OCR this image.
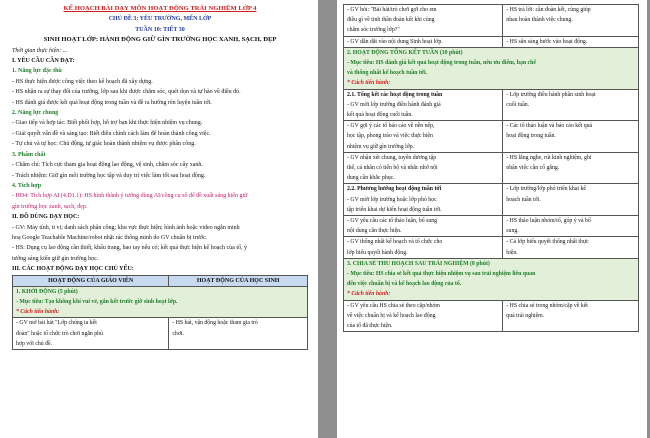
KẾ HOẠCH BÀI DẠY MÔN HOẠT ĐỘNG TRẢI NGHIỆM LỚP 4
CHỦ ĐỀ 3: YÊU TRƯỜNG, MẾN LỚP
TUẦN 10: TIẾT 30
SINH HOẠT LỚP: HÀNH ĐỘNG GIỮ GÌN TRƯỜNG HỌC XANH, SẠCH, ĐẸP
Thời gian thực hiện: ...
I. YÊU CẦU CẦN ĐẠT:
1. Năng lực đặc thù
- HS thực hiện được công việc theo kế hoạch đã xây dựng.
- HS nhận ra sự thay đổi của trường, lớp sau khi được chăm sóc, quét dọn và tự hào về điều đó.
- HS đánh giá được kết quả hoạt động trong tuần và đề ra hướng rèn luyện tuần tới.
2. Năng lực chung
- Giao tiếp và hợp tác: Biết phối hợp, hỗ trợ bạn khi thực hiện nhiệm vụ chung.
- Giải quyết vấn đề và sáng tạo: Biết điều chỉnh cách làm để hoàn thành công việc.
- Tự chủ và tự học: Chủ động, tự giác hoàn thành nhiệm vụ được phân công.
3. Phẩm chất
- Chăm chỉ: Tích cực tham gia hoạt động lao động, vệ sinh, chăm sóc cây xanh.
- Trách nhiệm: Giữ gìn môi trường học tập và duy trì việc làm tốt sau hoạt động.
4. Tích hợp
- HĐ4: Tích hợp AI (4.D1.1): HS hình thành ý tưởng dùng AI/công cụ số để đề xuất sáng kiến giữ
gìn trường học xanh, sạch, đẹp.
II. ĐỒ DÙNG DẠY HỌC:
- GV: Máy tính, ti vi; danh sách phân công; khu vực thực hiện; hình ảnh hoặc video ngắn minh
hoạ Google Teachable Machine/robot nhặt rác thông minh do GV chuẩn bị trước.
- HS: Dụng cụ lao động cần thiết, khẩu trang, bao tay nếu có; kết quả thực hiện kế hoạch của tổ, ý
tưởng sáng kiến giữ gìn trường học.
III. CÁC HOẠT ĐỘNG DẠY HỌC CHỦ YẾU:
HOẠT ĐỘNG CỦA GIÁO VIÊN	HOẠT ĐỘNG CỦA HỌC SINH

1. KHỞI ĐỘNG (5 phút)
- Mục tiêu: Tạo không khí vui vẻ, gắn kết trước giờ sinh hoạt lớp.
* Cách tiến hành:	

- GV mở bài hát "Lớp chúng ta kết
đoàn" hoặc tổ chức trò chơi ngắn phù
hợp với chủ đề.	- HS hát, vận động hoặc tham gia trò
chơi.
- GV hỏi: "Bài hát/trò chơi gợi cho em
điều gì về tinh thần đoàn kết khi cùng
chăm sóc trường lớp?"	- HS trả lời: cần đoàn kết, cùng giúp
nhau hoàn thành việc chung.

- GV dẫn dắt vào nội dung Sinh hoạt lớp.	- HS sẵn sàng bước vào hoạt động.

2. HOẠT ĐỘNG TỔNG KẾT TUẦN (10 phút)
- Mục tiêu: HS đánh giá kết quả hoạt động trong tuần, nêu ưu điểm, hạn chế
và thống nhất kế hoạch tuần tới.
* Cách tiến hành:	

2.1. Tổng kết các hoạt động trong tuần
- GV mời lớp trưởng điều hành đánh giá
kết quả hoạt động cuối tuần.	- Lớp trưởng điều hành phần sinh hoạt
cuối tuần.

- GV gợi ý các tổ báo cáo về nền nếp,
học tập, phong trào và việc thực hiện
nhiệm vụ giữ gìn trường lớp.	- Các tổ thảo luận và báo cáo kết quả
hoạt động trong tuần.

- GV nhận xét chung, tuyên dương tập
thể, cá nhân có tiến bộ và nhắc nhở nội
dung cần khắc phục.	- HS lắng nghe, rút kinh nghiệm, ghi
nhận việc cần cố gắng.

2.2. Phương hướng hoạt động tuần tới
- GV mời lớp trưởng hoặc lớp phó học
tập triển khai dự kiến hoạt động tuần tới.	- Lớp trưởng/lớp phó triển khai kế
hoạch tuần tới.

- GV yêu cầu các tổ thảo luận, bổ sung
nội dung cần thực hiện.	- HS thảo luận nhóm/tổ, góp ý và bổ
sung.

- GV thống nhất kế hoạch và tổ chức cho
lớp biểu quyết hành động.	- Cả lớp biểu quyết thống nhất thực
hiện.

3. CHIA SẺ THU HOẠCH SAU TRẢI NGHIỆM (8 phút)
- Mục tiêu: HS chia sẻ kết quả thực hiện nhiệm vụ sau trải nghiệm liên quan
đến việc chuẩn bị và kế hoạch lao động của tổ.
* Cách tiến hành:	

- GV yêu cầu HS chia sẻ theo cặp/nhóm
về việc chuẩn bị và kế hoạch lao động
của tổ đã thực hiện.	- HS chia sẻ trong nhóm/cặp về kết
quả trải nghiệm.
